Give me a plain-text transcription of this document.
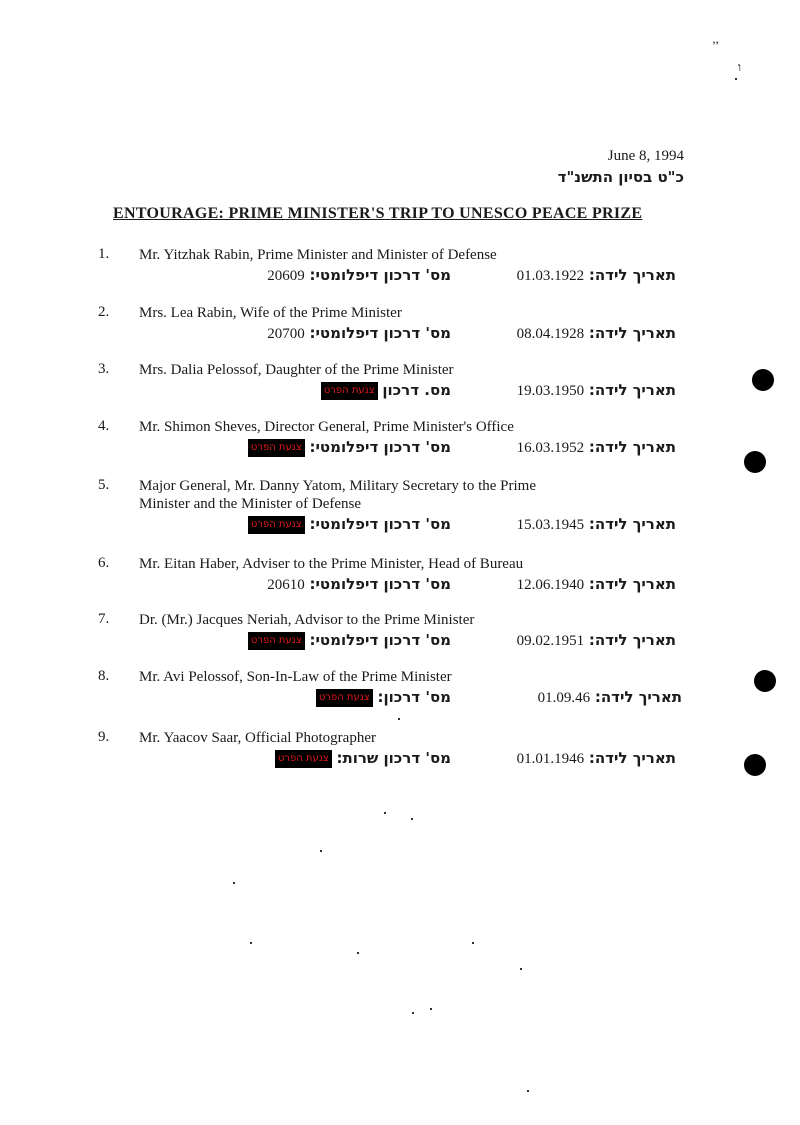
’’
ו
June 8, 1994
כ"ט בסיון התשנ"ד
ENTOURAGE: PRIME MINISTER'S TRIP TO UNESCO PEACE PRIZE
1. Mr. Yitzhak Rabin, Prime Minister and Minister of Defense
מס' דרכון דיפלומטי: 20609	תאריך לידה: 01.03.1922
2. Mrs. Lea Rabin, Wife of the Prime Minister
מס' דרכון דיפלומטי: 20700	תאריך לידה: 08.04.1928
3. Mrs. Dalia Pelossof, Daughter of the Prime Minister
מס. דרכון צנעת הפרט	תאריך לידה: 19.03.1950
4. Mr. Shimon Sheves, Director General, Prime Minister's Office
מס' דרכון דיפלומטי: צנעת הפרט	תאריך לידה: 16.03.1952
5. Major General, Mr. Danny Yatom, Military Secretary to the Prime
Minister and the Minister of Defense
מס' דרכון דיפלומטי: צנעת הפרט	תאריך לידה: 15.03.1945
6. Mr. Eitan Haber, Adviser to the Prime Minister, Head of Bureau
מס' דרכון דיפלומטי: 20610	תאריך לידה: 12.06.1940
7. Dr. (Mr.) Jacques Neriah, Advisor to the Prime Minister
מס' דרכון דיפלומטי: צנעת הפרט	תאריך לידה: 09.02.1951
8. Mr. Avi Pelossof, Son-In-Law of the Prime Minister
מס' דרכון: צנעת הפרט	תאריך לידה: 01.09.46
9. Mr. Yaacov Saar, Official Photographer
מס' דרכון שרות: צנעת הפרט	תאריך לידה: 01.01.1946
